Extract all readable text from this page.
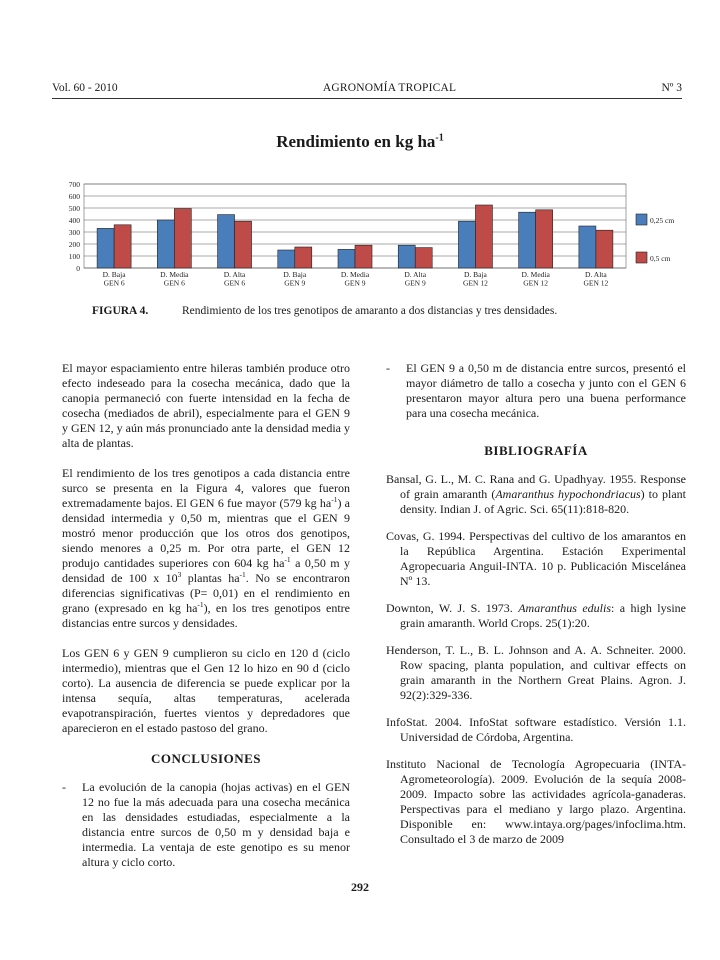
Vol. 60 - 2010	AGRONOMÍA TROPICAL	Nº 3
Rendimiento en kg $ha^{-1}$
0
100
200
300
400
500
600
700
D. Baja
GEN 6
D. Media
GEN 6
D. Alta
GEN 6
D. Baja
GEN 9
D. Media
GEN 9
D. Alta
GEN 9
D. Baja
GEN 12
D. Media
GEN 12
D. Alta
GEN 12
0,25 cm
0,5 cm
FIGURA 4.	Rendimiento de los tres genotipos de amaranto a dos distancias y tres densidades.

El mayor espaciamiento entre hileras también produce otro efecto indeseado para la cosecha mecánica, dado que la canopia permaneció con fuerte intensidad en la fecha de cosecha (mediados de abril), especialmente para el GEN 9 y GEN 12, y aún más pronunciado ante la densidad media y alta de plantas.

El rendimiento de los tres genotipos a cada distancia entre surco se presenta en la Figura 4, valores que fueron extremadamente bajos. El GEN 6 fue mayor (579 kg $ha^{-1}$) a densidad intermedia y 0,50 m, mientras que el GEN 9 mostró menor producción que los otros dos genotipos, siendo menores a 0,25 m. Por otra parte, el GEN 12 produjo cantidades superiores con 604 kg $ha^{-1}$ a 0,50 m y densidad de 100 x $10^3$ plantas $ha^{-1}$. No se encontraron diferencias significativas (P= 0,01) en el rendimiento en grano (expresado en kg $ha^{-1}$), en los tres genotipos entre distancias entre surcos y densidades.

Los GEN 6 y GEN 9 cumplieron su ciclo en 120 d (ciclo intermedio), mientras que el Gen 12 lo hizo en 90 d (ciclo corto). La ausencia de diferencia se puede explicar por la intensa sequía, altas temperaturas, acelerada evapotranspiración, fuertes vientos y depredadores que aparecieron en el estado pastoso del grano.

CONCLUSIONES
-	La evolución de la canopia (hojas activas) en el GEN 12 no fue la más adecuada para una cosecha mecánica en las densidades estudiadas, especialmente a la distancia entre surcos de 0,50 m y densidad baja e intermedia. La ventaja de este genotipo es su menor altura y ciclo corto.
-	El GEN 9 a 0,50 m de distancia entre surcos, presentó el mayor diámetro de tallo a cosecha y junto con el GEN 6 presentaron mayor altura pero una buena performance para una cosecha mecánica.
BIBLIOGRAFÍA
Bansal, G. L., M. C. Rana and G. Upadhyay. 1955. Response of grain amaranth (Amaranthus hypochondriacus) to plant density. Indian J. of Agric. Sci. 65(11):818-820.
Covas, G. 1994. Perspectivas del cultivo de los amarantos en la República Argentina. Estación Experimental Agropecuaria Anguil-INTA. 10 p. Publicación Miscelánea Nº 13.
Downton, W. J. S. 1973. Amaranthus edulis: a high lysine grain amaranth. World Crops. 25(1):20.
Henderson, T. L., B. L. Johnson and A. A. Schneiter. 2000. Row spacing, planta population, and cultivar effects on grain amaranth in the Northern Great Plains. Agron. J. 92(2):329-336.
InfoStat. 2004. InfoStat software estadístico. Versión 1.1. Universidad de Córdoba, Argentina.
Instituto Nacional de Tecnología Agropecuaria (INTA-Agrometeorología). 2009. Evolución de la sequía 2008-2009. Impacto sobre las actividades agrícola-ganaderas. Perspectivas para el mediano y largo plazo. Argentina. Disponible en: www.intaya.org/pages/infoclima.htm. Consultado el 3 de marzo de 2009
292
